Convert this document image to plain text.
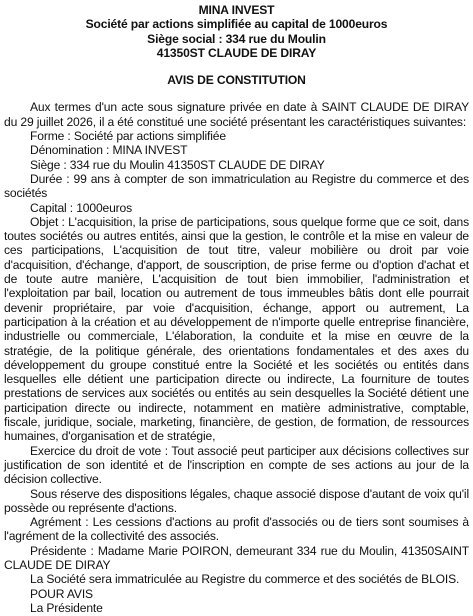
MINA INVEST

Société par actions simplifiée au capital de 1000euros

Siège social : 334 rue du Moulin

41350ST CLAUDE DE DIRAY

AVIS DE CONSTITUTION

Aux termes d'un acte sous signature privée en date à SAINT CLAUDE DE DIRAY du 29 juillet 2026, il a été constitué une société présentant les caractéristiques suivantes:

Forme : Société par actions simplifiée

Dénomination : MINA INVEST

Siège : 334 rue du Moulin 41350ST CLAUDE DE DIRAY

Durée : 99 ans à compter de son immatriculation au Registre du commerce et des sociétés

Capital : 1000euros

Objet : L'acquisition, la prise de participations, sous quelque forme que ce soit, dans toutes sociétés ou autres entités, ainsi que la gestion, le contrôle et la mise en valeur de ces participations, L'acquisition de tout titre, valeur mobilière ou droit par voie d'acquisition, d'échange, d'apport, de souscription, de prise ferme ou d'option d'achat et de toute autre manière, L'acquisition de tout bien immobilier, l'administration et l'exploitation par bail, location ou autrement de tous immeubles bâtis dont elle pourrait devenir propriétaire, par voie d'acquisition, échange, apport ou autrement, La participation à la création et au développement de n'importe quelle entreprise financière, industrielle ou commerciale, L'élaboration, la conduite et la mise en œuvre de la stratégie, de la politique générale, des orientations fondamentales et des axes du développement du groupe constitué entre la Société et les sociétés ou entités dans lesquelles elle détient une participation directe ou indirecte, La fourniture de toutes prestations de services aux sociétés ou entités au sein desquelles la Société détient une participation directe ou indirecte, notamment en matière administrative, comptable, fiscale, juridique, sociale, marketing, financière, de gestion, de formation, de ressources humaines, d'organisation et de stratégie,

Exercice du droit de vote : Tout associé peut participer aux décisions collectives sur justification de son identité et de l'inscription en compte de ses actions au jour de la décision collective.

Sous réserve des dispositions légales, chaque associé dispose d'autant de voix qu'il possède ou représente d'actions.

Agrément : Les cessions d'actions au profit d'associés ou de tiers sont soumises à l'agrément de la collectivité des associés.

Présidente : Madame Marie POIRON, demeurant 334 rue du Moulin, 41350SAINT CLAUDE DE DIRAY

La Société sera immatriculée au Registre du commerce et des sociétés de BLOIS.

POUR AVIS

La Présidente
